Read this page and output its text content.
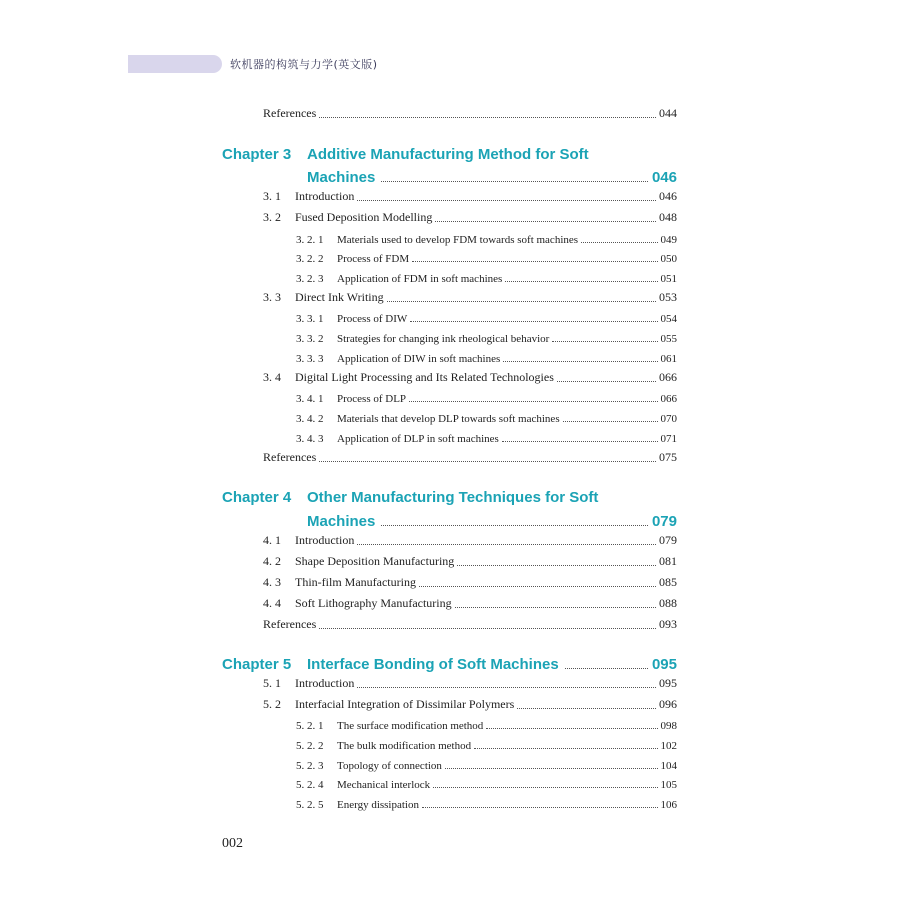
软机器的构筑与力学(英文版)
References	044
Chapter 3	Additive Manufacturing Method for Soft
Machines	046
3. 1	Introduction	046
3. 2	Fused Deposition Modelling	048
3. 2. 1	Materials used to develop FDM towards soft machines	049
3. 2. 2	Process of FDM	050
3. 2. 3	Application of FDM in soft machines	051
3. 3	Direct Ink Writing	053
3. 3. 1	Process of DIW	054
3. 3. 2	Strategies for changing ink rheological behavior	055
3. 3. 3	Application of DIW in soft machines	061
3. 4	Digital Light Processing and Its Related Technologies	066
3. 4. 1	Process of DLP	066
3. 4. 2	Materials that develop DLP towards soft machines	070
3. 4. 3	Application of DLP in soft machines	071
References	075
Chapter 4	Other Manufacturing Techniques for Soft
Machines	079
4. 1	Introduction	079
4. 2	Shape Deposition Manufacturing	081
4. 3	Thin-film Manufacturing	085
4. 4	Soft Lithography Manufacturing	088
References	093
Chapter 5	Interface Bonding of Soft Machines	095
5. 1	Introduction	095
5. 2	Interfacial Integration of Dissimilar Polymers	096
5. 2. 1	The surface modification method	098
5. 2. 2	The bulk modification method	102
5. 2. 3	Topology of connection	104
5. 2. 4	Mechanical interlock	105
5. 2. 5	Energy dissipation	106
002
